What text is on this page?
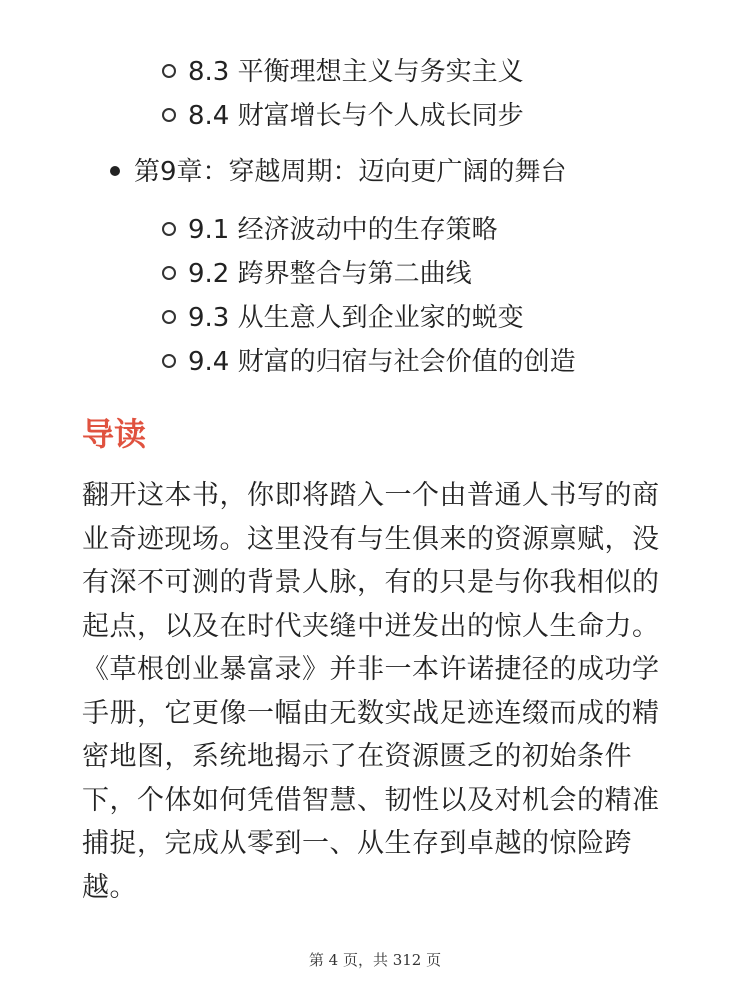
8.3 平衡理想主义与务实主义
8.4 财富增长与个人成长同步
第9章：穿越周期：迈向更广阔的舞台
9.1 经济波动中的生存策略
9.2 跨界整合与第二曲线
9.3 从生意人到企业家的蜕变
9.4 财富的归宿与社会价值的创造
导读

翻开这本书，你即将踏入一个由普通人书写的商业奇迹现场。这里没有与生俱来的资源禀赋，没有深不可测的背景人脉，有的只是与你我相似的起点，以及在时代夹缝中迸发出的惊人生命力。《草根创业暴富录》并非一本许诺捷径的成功学手册，它更像一幅由无数实战足迹连缀而成的精密地图，系统地揭示了在资源匮乏的初始条件下，个体如何凭借智慧、韧性以及对机会的精准捕捉，完成从零到一、从生存到卓越的惊险跨越。

第 4 页，共 312 页
